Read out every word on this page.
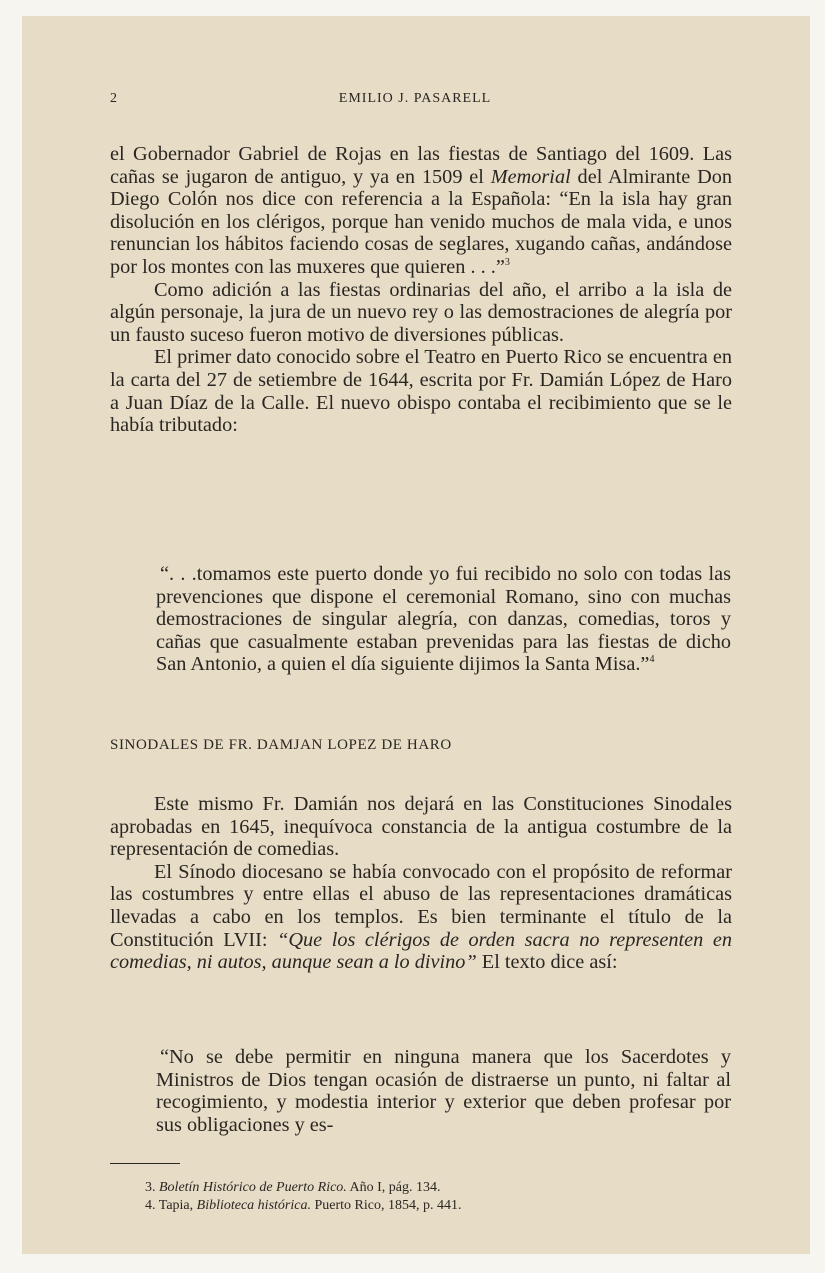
2	EMILIO J. PASARELL

el Gobernador Gabriel de Rojas en las fiestas de Santiago del 1609. Las cañas se jugaron de antiguo, y ya en 1509 el Memorial del Almirante Don Diego Colón nos dice con referencia a la Española: “En la isla hay gran disolución en los clérigos, porque han venido muchos de mala vida, e unos renuncian los hábitos faciendo cosas de seglares, xugando cañas, andándose por los montes con las muxeres que quieren . . .”$^3$

Como adición a las fiestas ordinarias del año, el arribo a la isla de algún personaje, la jura de un nuevo rey o las demostraciones de alegría por un fausto suceso fueron motivo de diversiones públicas.

El primer dato conocido sobre el Teatro en Puerto Rico se encuentra en la carta del 27 de setiembre de 1644, escrita por Fr. Damián López de Haro a Juan Díaz de la Calle. El nuevo obispo contaba el recibimiento que se le había tributado:

“. . .tomamos este puerto donde yo fui recibido no solo con todas las prevenciones que dispone el ceremonial Romano, sino con muchas demostraciones de singular alegría, con danzas, comedias, toros y cañas que casualmente estaban prevenidas para las fiestas de dicho San Antonio, a quien el día siguiente dijimos la Santa Misa.”$^4$

SINODALES DE FR. DAMJAN LOPEZ DE HARO

Este mismo Fr. Damián nos dejará en las Constituciones Sinodales aprobadas en 1645, inequívoca constancia de la antigua costumbre de la representación de comedias.

El Sínodo diocesano se había convocado con el propósito de reformar las costumbres y entre ellas el abuso de las representaciones dramáticas llevadas a cabo en los templos. Es bien terminante el título de la Constitución LVII: “Que los clérigos de orden sacra no representen en comedias, ni autos, aunque sean a lo divino” El texto dice así:

“No se debe permitir en ninguna manera que los Sacerdotes y Ministros de Dios tengan ocasión de distraerse un punto, ni faltar al recogimiento, y modestia interior y exterior que deben profesar por sus obligaciones y es-

3. Boletín Histórico de Puerto Rico. Año I, pág. 134.
4. Tapia, Biblioteca histórica. Puerto Rico, 1854, p. 441.
